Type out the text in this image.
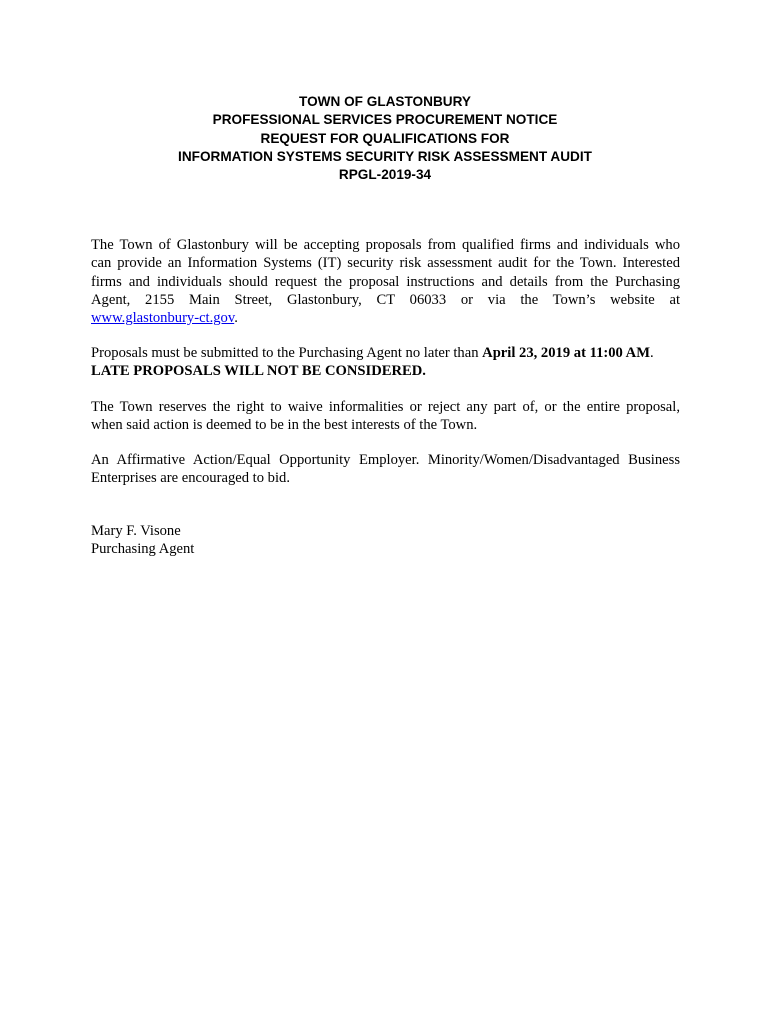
TOWN OF GLASTONBURY
PROFESSIONAL SERVICES PROCUREMENT NOTICE
REQUEST FOR QUALIFICATIONS FOR
INFORMATION SYSTEMS SECURITY RISK ASSESSMENT AUDIT
RPGL-2019-34
The Town of Glastonbury will be accepting proposals from qualified firms and individuals who
can provide an Information Systems (IT) security risk assessment audit for the Town. Interested
firms and individuals should request the proposal instructions and details from the Purchasing
Agent, 2155 Main Street, Glastonbury, CT 06033 or via the Town’s website at
www.glastonbury-ct.gov.
Proposals must be submitted to the Purchasing Agent no later than April 23, 2019 at 11:00 AM.
LATE PROPOSALS WILL NOT BE CONSIDERED.
The Town reserves the right to waive informalities or reject any part of, or the entire proposal,
when said action is deemed to be in the best interests of the Town.
An Affirmative Action/Equal Opportunity Employer. Minority/Women/Disadvantaged Business
Enterprises are encouraged to bid.
Mary F. Visone
Purchasing Agent
